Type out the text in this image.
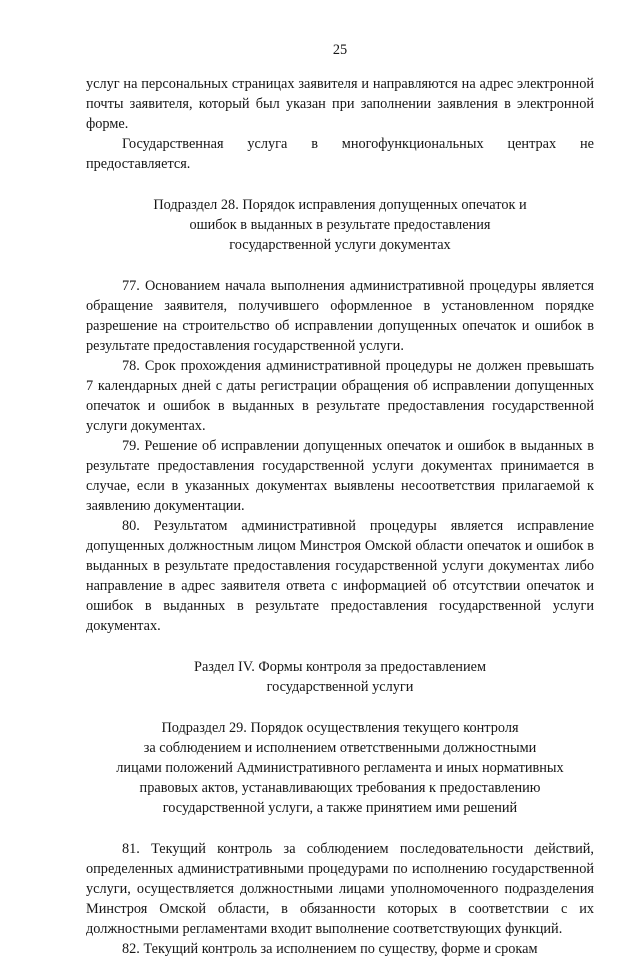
25

услуг на персональных страницах заявителя и направляются на адрес электронной почты заявителя, который был указан при заполнении заявления в электронной форме.

Государственная услуга в многофункциональных центрах не предоставляется.

Подраздел 28. Порядок исправления допущенных опечаток и

ошибок в выданных в результате предоставления

государственной услуги документах

77. Основанием начала выполнения административной процедуры является обращение заявителя, получившего оформленное в установленном порядке разрешение на строительство об исправлении допущенных опечаток и ошибок в результате предоставления государственной услуги.

78. Срок прохождения административной процедуры не должен превышать 7 календарных дней с даты регистрации обращения об исправлении допущенных опечаток и ошибок в выданных в результате предоставления государственной услуги документах.

79. Решение об исправлении допущенных опечаток и ошибок в выданных в результате предоставления государственной услуги документах принимается в случае, если в указанных документах выявлены несоответствия прилагаемой к заявлению документации.

80. Результатом административной процедуры является исправление допущенных должностным лицом Минстроя Омской области опечаток и ошибок в выданных в результате предоставления государственной услуги документах либо направление в адрес заявителя ответа с информацией об отсутствии опечаток и ошибок в выданных в результате предоставления государственной услуги документах.

Раздел IV. Формы контроля за предоставлением

государственной услуги

Подраздел 29. Порядок осуществления текущего контроля

за соблюдением и исполнением ответственными должностными

лицами положений Административного регламента и иных нормативных

правовых актов, устанавливающих требования к предоставлению

государственной услуги, а также принятием ими решений

81. Текущий контроль за соблюдением последовательности действий, определенных административными процедурами по исполнению государственной услуги, осуществляется должностными лицами уполномоченного подразделения Минстроя Омской области, в обязанности которых в соответствии с их должностными регламентами входит выполнение соответствующих функций.

82. Текущий контроль за исполнением по существу, форме и срокам
